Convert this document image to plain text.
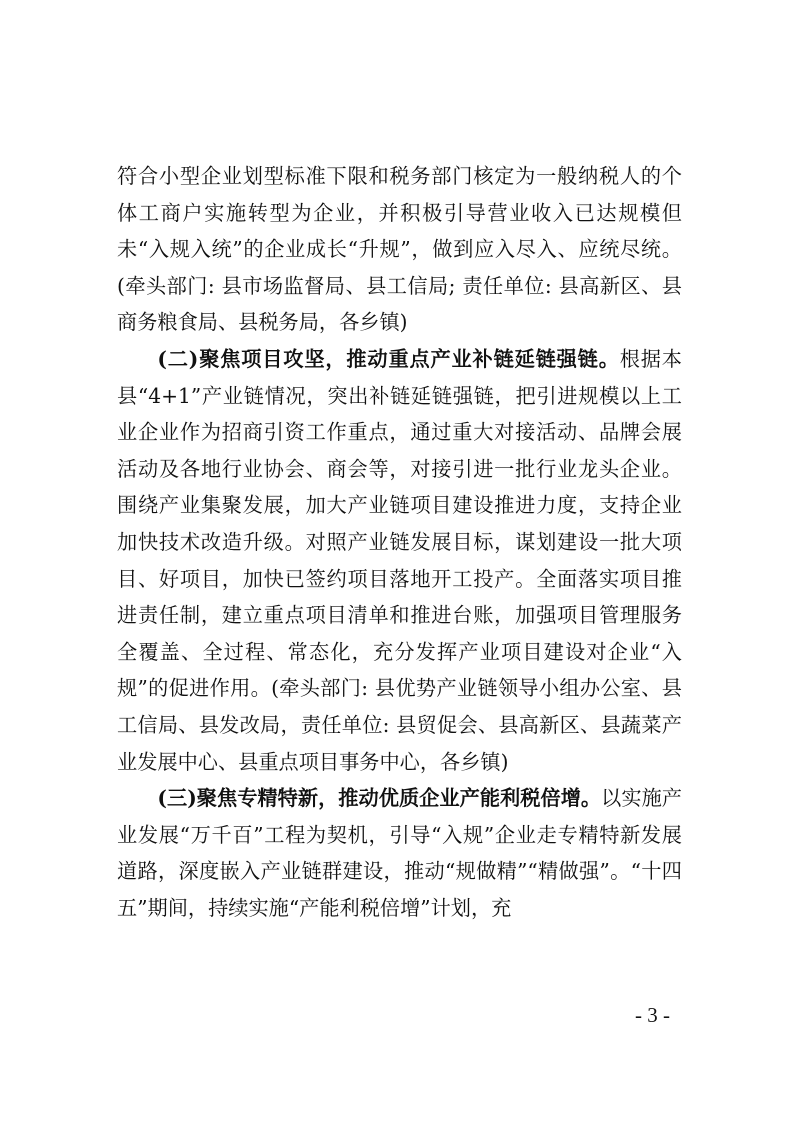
符合小型企业划型标准下限和税务部门核定为一般纳税人的个体工商户实施转型为企业，并积极引导营业收入已达规模但未“入规入统”的企业成长“升规”，做到应入尽入、应统尽统。(牵头部门: 县市场监督局、县工信局; 责任单位: 县高新区、县商务粮食局、县税务局，各乡镇)

(二)聚焦项目攻坚，推动重点产业补链延链强链。根据本县“4+1”产业链情况，突出补链延链强链，把引进规模以上工业企业作为招商引资工作重点，通过重大对接活动、品牌会展活动及各地行业协会、商会等，对接引进一批行业龙头企业。围绕产业集聚发展，加大产业链项目建设推进力度，支持企业加快技术改造升级。对照产业链发展目标，谋划建设一批大项目、好项目，加快已签约项目落地开工投产。全面落实项目推进责任制，建立重点项目清单和推进台账，加强项目管理服务全覆盖、全过程、常态化，充分发挥产业项目建设对企业“入规”的促进作用。(牵头部门: 县优势产业链领导小组办公室、县工信局、县发改局，责任单位: 县贸促会、县高新区、县蔬菜产业发展中心、县重点项目事务中心，各乡镇)

(三)聚焦专精特新，推动优质企业产能利税倍增。以实施产业发展“万千百”工程为契机，引导“入规”企业走专精特新发展道路，深度嵌入产业链群建设，推动“规做精”“精做强”。“十四五”期间，持续实施“产能利税倍增”计划，充

- 3 -
